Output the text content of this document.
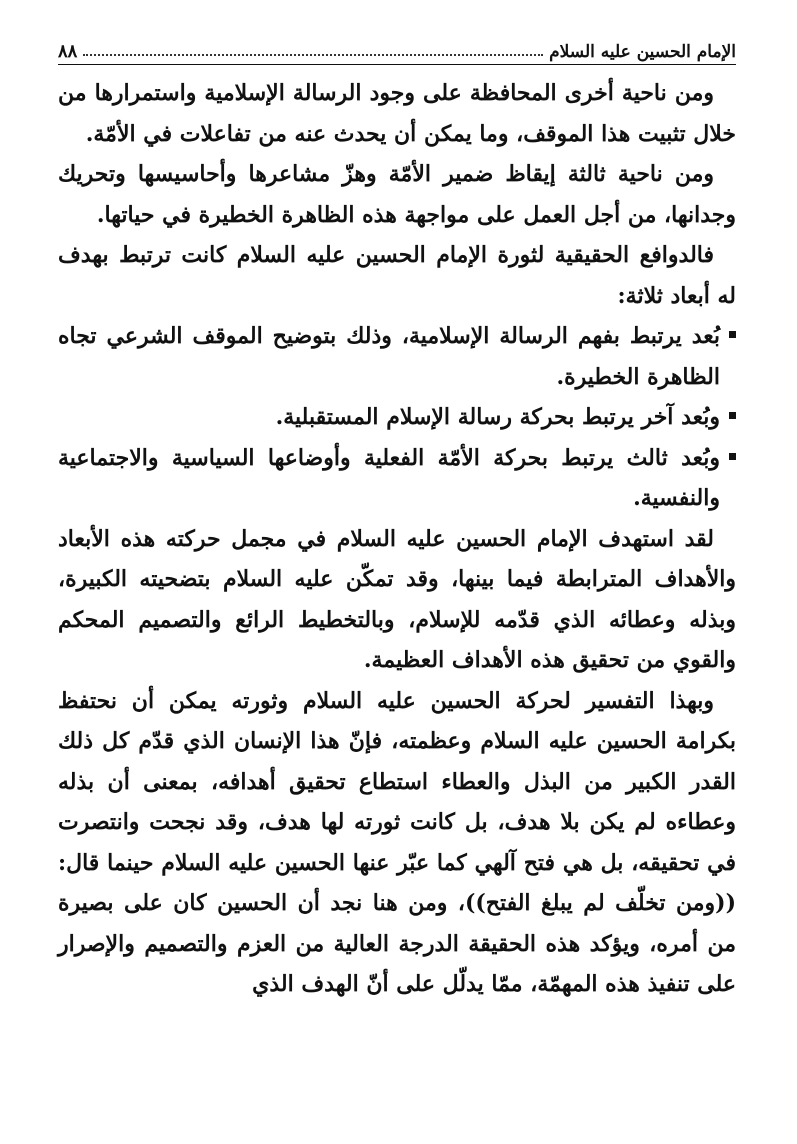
الإمام الحسين عليه السلام
٨٨

ومن ناحية أخرى المحافظة على وجود الرسالة الإسلامية واستمرارها من خلال تثبيت هذا الموقف، وما يمكن أن يحدث عنه من تفاعلات في الأمّة.

ومن ناحية ثالثة إيقاظ ضمير الأمّة وهزّ مشاعرها وأحاسيسها وتحريك وجدانها، من أجل العمل على مواجهة هذه الظاهرة الخطيرة في حياتها.

فالدوافع الحقيقية لثورة الإمام الحسين عليه السلام كانت ترتبط بهدف له أبعاد ثلاثة:

بُعد يرتبط بفهم الرسالة الإسلامية، وذلك بتوضيح الموقف الشرعي تجاه الظاهرة الخطيرة.
وبُعد آخر يرتبط بحركة رسالة الإسلام المستقبلية.
وبُعد ثالث يرتبط بحركة الأمّة الفعلية وأوضاعها السياسية والاجتماعية والنفسية.

لقد استهدف الإمام الحسين عليه السلام في مجمل حركته هذه الأبعاد والأهداف المترابطة فيما بينها، وقد تمكّن عليه السلام بتضحيته الكبيرة، وبذله وعطائه الذي قدّمه للإسلام، وبالتخطيط الرائع والتصميم المحكم والقوي من تحقيق هذه الأهداف العظيمة.

وبهذا التفسير لحركة الحسين عليه السلام وثورته يمكن أن نحتفظ بكرامة الحسين عليه السلام وعظمته، فإنّ هذا الإنسان الذي قدّم كل ذلك القدر الكبير من البذل والعطاء استطاع تحقيق أهدافه، بمعنى أن بذله وعطاءه لم يكن بلا هدف، بل كانت ثورته لها هدف، وقد نجحت وانتصرت في تحقيقه، بل هي فتح آلهي كما عبّر عنها الحسين عليه السلام حينما قال: ((ومن تخلّف لم يبلغ الفتح))، ومن هنا نجد أن الحسين كان على بصيرة من أمره، ويؤكد هذه الحقيقة الدرجة العالية من العزم والتصميم والإصرار على تنفيذ هذه المهمّة، ممّا يدلّل على أنّ الهدف الذي
